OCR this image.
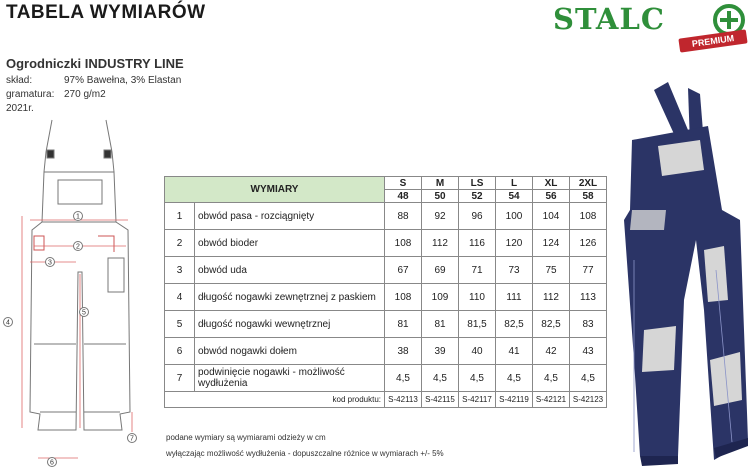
TABELA WYMIARÓW	STALC
PREMIUM
Ogrodniczki INDUSTRY LINE
skład:	97% Bawełna, 3% Elastan
gramatura: 270 g/m2
2021r.
1
2
3
4
5
6
7
WYMIARY		S	M	LS	L	XL	2XL
		48	50	52	54	56	58
1	obwód pasa - rozciągnięty	88	92	96	100	104	108
2	obwód bioder	108	112	116	120	124	126
3	obwód uda	67	69	71	73	75	77
4	długość nogawki zewnętrznej z paskiem	108	109	110	111	112	113
5	długość nogawki wewnętrznej	81	81	81,5	82,5	82,5	83
6	obwód nogawki dołem	38	39	40	41	42	43
7	podwinięcie nogawki - możliwość wydłużenia	4,5	4,5	4,5	4,5	4,5	4,5
kod produktu:		S-42113	S-42115	S-42117	S-42119	S-42121	S-42123
podane wymiary są wymiarami odzieży w cm
wyłączając możliwość wydłużenia - dopuszczalne różnice w wymiarach +/- 5%
